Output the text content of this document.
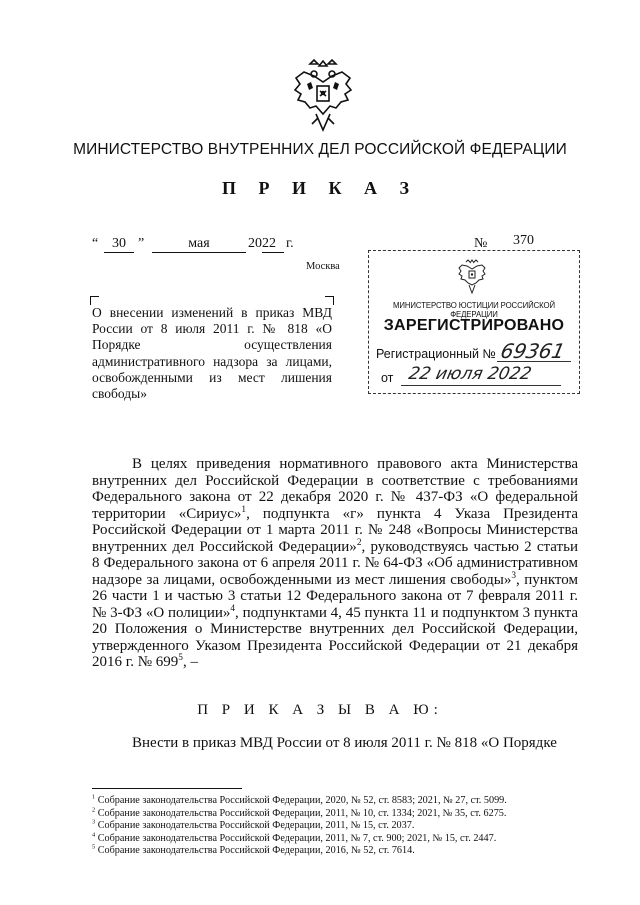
МИНИСТЕРСТВО ВНУТРЕННИХ ДЕЛ РОССИЙСКОЙ ФЕДЕРАЦИИ
П Р И К А З
“ 30 ”	мая	20 22 г.	№	370
Москва
О внесении изменений в приказ МВД России от 8 июля 2011 г. № 818 «О Порядке осуществления административного надзора за лицами, освобожденными из мест лишения свободы»
МИНИСТЕРСТВО ЮСТИЦИИ РОССИЙСКОЙ ФЕДЕРАЦИИ
ЗАРЕГИСТРИРОВАНО
Регистрационный № 69361
от 22 июля 2022
В целях приведения нормативного правового акта Министерства внутренних дел Российской Федерации в соответствие с требованиями Федерального закона от 22 декабря 2020 г. № 437-ФЗ «О федеральной территории «Сириус»$^1$, подпункта «г» пункта 4 Указа Президента Российской Федерации от 1 марта 2011 г. № 248 «Вопросы Министерства внутренних дел Российской Федерации»$^2$, руководствуясь частью 2 статьи 8 Федерального закона от 6 апреля 2011 г. № 64-ФЗ «Об административном надзоре за лицами, освобожденными из мест лишения свободы»$^3$, пунктом 26 части 1 и частью 3 статьи 12 Федерального закона от 7 февраля 2011 г. № 3-ФЗ «О полиции»$^4$, подпунктами 4, 45 пункта 11 и подпунктом 3 пункта 20 Положения о Министерстве внутренних дел Российской Федерации, утвержденного Указом Президента Российской Федерации от 21 декабря 2016 г. № $699^5$, –
П Р И К А З Ы В А Ю:
Внести в приказ МВД России от 8 июля 2011 г. № 818 «О Порядке
$^1$ Собрание законодательства Российской Федерации, 2020, № 52, ст. 8583; 2021, № 27, ст. 5099.
$^2$ Собрание законодательства Российской Федерации, 2011, № 10, ст. 1334; 2021, № 35, ст. 6275.
$^3$ Собрание законодательства Российской Федерации, 2011, № 15, ст. 2037.
$^4$ Собрание законодательства Российской Федерации, 2011, № 7, ст. 900; 2021, № 15, ст. 2447.
$^5$ Собрание законодательства Российской Федерации, 2016, № 52, ст. 7614.
